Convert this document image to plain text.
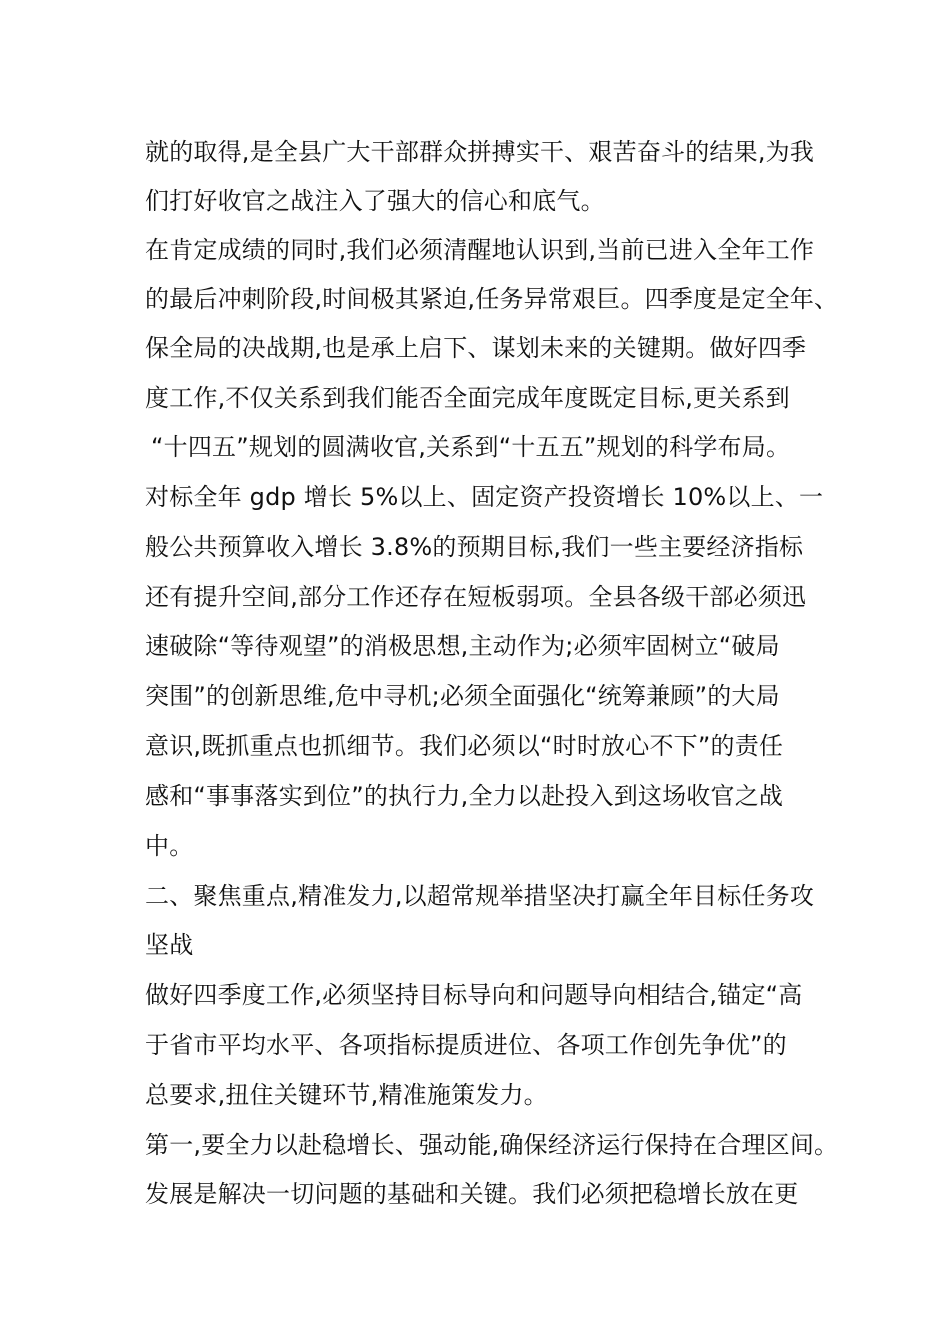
就的取得,是全县广大干部群众拼搏实干、艰苦奋斗的结果,为我

们打好收官之战注入了强大的信心和底气。

在肯定成绩的同时,我们必须清醒地认识到,当前已进入全年工作

的最后冲刺阶段,时间极其紧迫,任务异常艰巨。四季度是定全年、

保全局的决战期,也是承上启下、谋划未来的关键期。做好四季

度工作,不仅关系到我们能否全面完成年度既定目标,更关系到

“十四五”规划的圆满收官,关系到“十五五”规划的科学布局。

对标全年 gdp 增长 5%以上、固定资产投资增长 10%以上、一

般公共预算收入增长 3.8%的预期目标,我们一些主要经济指标

还有提升空间,部分工作还存在短板弱项。全县各级干部必须迅

速破除“等待观望”的消极思想,主动作为;必须牢固树立“破局

突围”的创新思维,危中寻机;必须全面强化“统筹兼顾”的大局

意识,既抓重点也抓细节。我们必须以“时时放心不下”的责任

感和“事事落实到位”的执行力,全力以赴投入到这场收官之战

中。

二、聚焦重点,精准发力,以超常规举措坚决打赢全年目标任务攻

坚战

做好四季度工作,必须坚持目标导向和问题导向相结合,锚定“高

于省市平均水平、各项指标提质进位、各项工作创先争优”的

总要求,扭住关键环节,精准施策发力。

第一,要全力以赴稳增长、强动能,确保经济运行保持在合理区间。

发展是解决一切问题的基础和关键。我们必须把稳增长放在更
